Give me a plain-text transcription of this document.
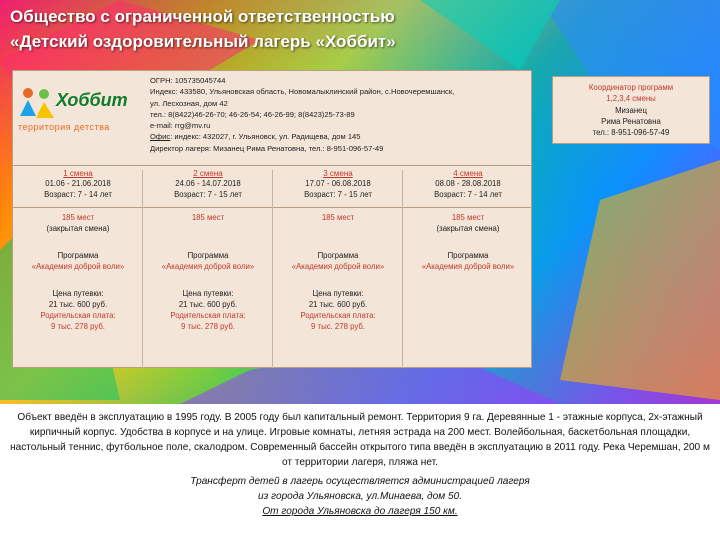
Общество с ограниченной ответственностью
«Детский оздоровительный лагерь «Хоббит»
Хоббит
территория детства
ОГРН: 105735045744
Индекс: 433580, Ульяновская область, Новомалыклинский район, с.Новочеремшанск,
ул. Лесхозная, дом 42
тел.: 8(8422)46-26-70; 46-26-54; 46-26-99; 8(8423)25-73-89
e-mail: rrg@mv.ru
Офис: индекс: 432027, г. Ульяновск, ул. Радищева, дом 145
Директор лагеря: Мизанец Рима Ренатовна, тел.: 8-951-096-57-49
Координатор программ
1,2,3,4 смены
Мизанец
Рима Ренатовна
тел.: 8-951-096-57-49
1 смена
01.06 - 21.06.2018
Возраст: 7 - 14 лет
185 мест
(закрытая смена)
Программа
«Академия доброй воли»
Цена путевки:
21 тыс. 600 руб.
Родительская плата:
9 тыс. 278 руб.
2 смена
24.06 - 14.07.2018
Возраст: 7 - 15 лет
185 мест
Программа
«Академия доброй воли»
Цена путевки:
21 тыс. 600 руб.
Родительская плата:
9 тыс. 278 руб.
3 смена
17.07 - 06.08.2018
Возраст: 7 - 15 лет
185 мест
Программа
«Академия доброй воли»
Цена путевки:
21 тыс. 600 руб.
Родительская плата:
9 тыс. 278 руб.
4 смена
08.08 - 28.08.2018
Возраст: 7 - 14 лет
185 мест
(закрытая смена)
Программа
«Академия доброй воли»
Объект введён в эксплуатацию в 1995 году. В 2005 году был капитальный ремонт. Территория 9 га. Деревянные 1 - этажные корпуса, 2х-этажный кирпичный корпус. Удобства в корпусе и на улице. Игровые комнаты, летняя эстрада на 200 мест. Волейбольная, баскетбольная площадки, настольный теннис, футбольное поле, скалодром. Современный бассейн открытого типа введён в эксплуатацию в 2011 году. Река Черемшан, 200 м от территории лагеря, пляжа нет.
Трансферт детей в лагерь осуществляется администрацией лагеря
из города Ульяновска, ул.Минаева, дом 50.
От города Ульяновска до лагеря 150 км.
